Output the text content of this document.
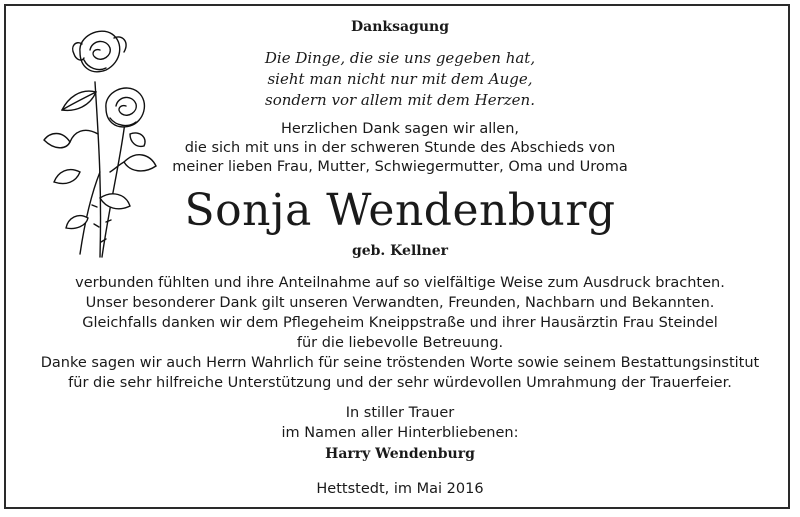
Danksagung
Die Dinge, die sie uns gegeben hat,
sieht man nicht nur mit dem Auge,
sondern vor allem mit dem Herzen.
Herzlichen Dank sagen wir allen,
die sich mit uns in der schweren Stunde des Abschieds von
meiner lieben Frau, Mutter, Schwiegermutter, Oma und Uroma
Sonja Wendenburg
geb. Kellner
verbunden fühlten und ihre Anteilnahme auf so vielfältige Weise zum Ausdruck brachten.
Unser besonderer Dank gilt unseren Verwandten, Freunden, Nachbarn und Bekannten.
Gleichfalls danken wir dem Pflegeheim Kneippstraße und ihrer Hausärztin Frau Steindel
für die liebevolle Betreuung.
Danke sagen wir auch Herrn Wahrlich für seine tröstenden Worte sowie seinem Bestattungsinstitut
für die sehr hilfreiche Unterstützung und der sehr würdevollen Umrahmung der Trauerfeier.
In stiller Trauer
im Namen aller Hinterbliebenen:
Harry Wendenburg
Hettstedt, im Mai 2016
